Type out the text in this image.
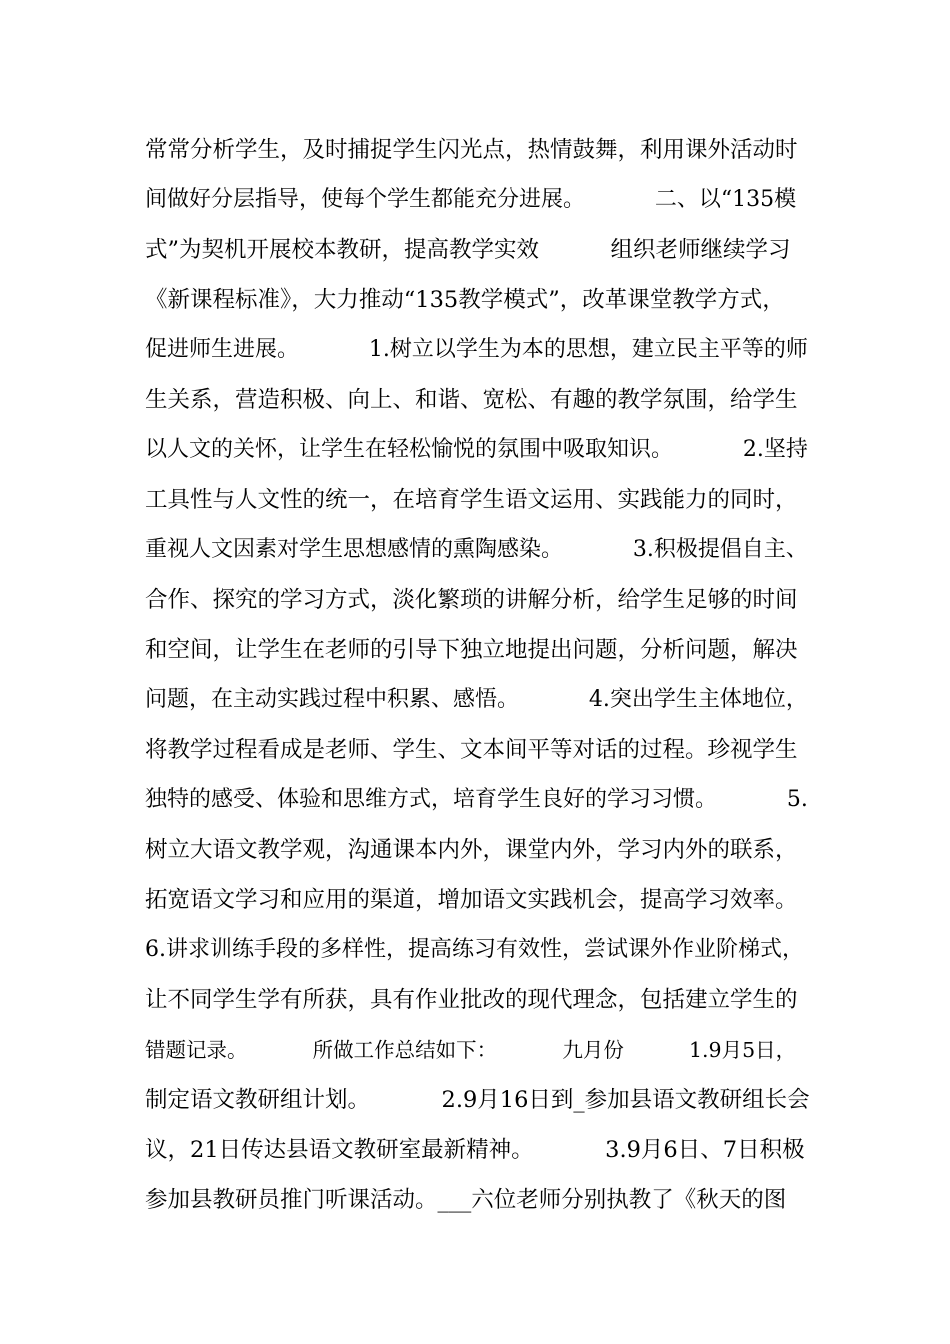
常常分析学生，及时捕捉学生闪光点，热情鼓舞，利用课外活动时
间做好分层指导，使每个学生都能充分进展。          二、以“135模
式”为契机开展校本教研，提高教学实效          组织老师继续学习
《新课程标准》，大力推动“135教学模式”，改革课堂教学方式，
促进师生进展。          1.树立以学生为本的思想，建立民主平等的师
生关系，营造积极、向上、和谐、宽松、有趣的教学氛围，给学生
以人文的关怀，让学生在轻松愉悦的氛围中吸取知识。          2.坚持
工具性与人文性的统一，在培育学生语文运用、实践能力的同时，
重视人文因素对学生思想感情的熏陶感染。          3.积极提倡自主、
合作、探究的学习方式，淡化繁琐的讲解分析，给学生足够的时间
和空间，让学生在老师的引导下独立地提出问题，分析问题，解决
问题，在主动实践过程中积累、感悟。          4.突出学生主体地位，
将教学过程看成是老师、学生、文本间平等对话的过程。珍视学生
独特的感受、体验和思维方式，培育学生良好的学习习惯。          5.
树立大语文教学观，沟通课本内外，课堂内外，学习内外的联系，
拓宽语文学习和应用的渠道，增加语文实践机会，提高学习效率。
6.讲求训练手段的多样性，提高练习有效性，尝试课外作业阶梯式，
让不同学生学有所获，具有作业批改的现代理念，包括建立学生的
错题记录。          所做工作总结如下：          九月份          1.9月5日，
制定语文教研组计划。          2.9月16日到_参加县语文教研组长会
议，21日传达县语文教研室最新精神。          3.9月6日、7日积极
参加县教研员推门听课活动。___六位老师分别执教了《秋天的图
